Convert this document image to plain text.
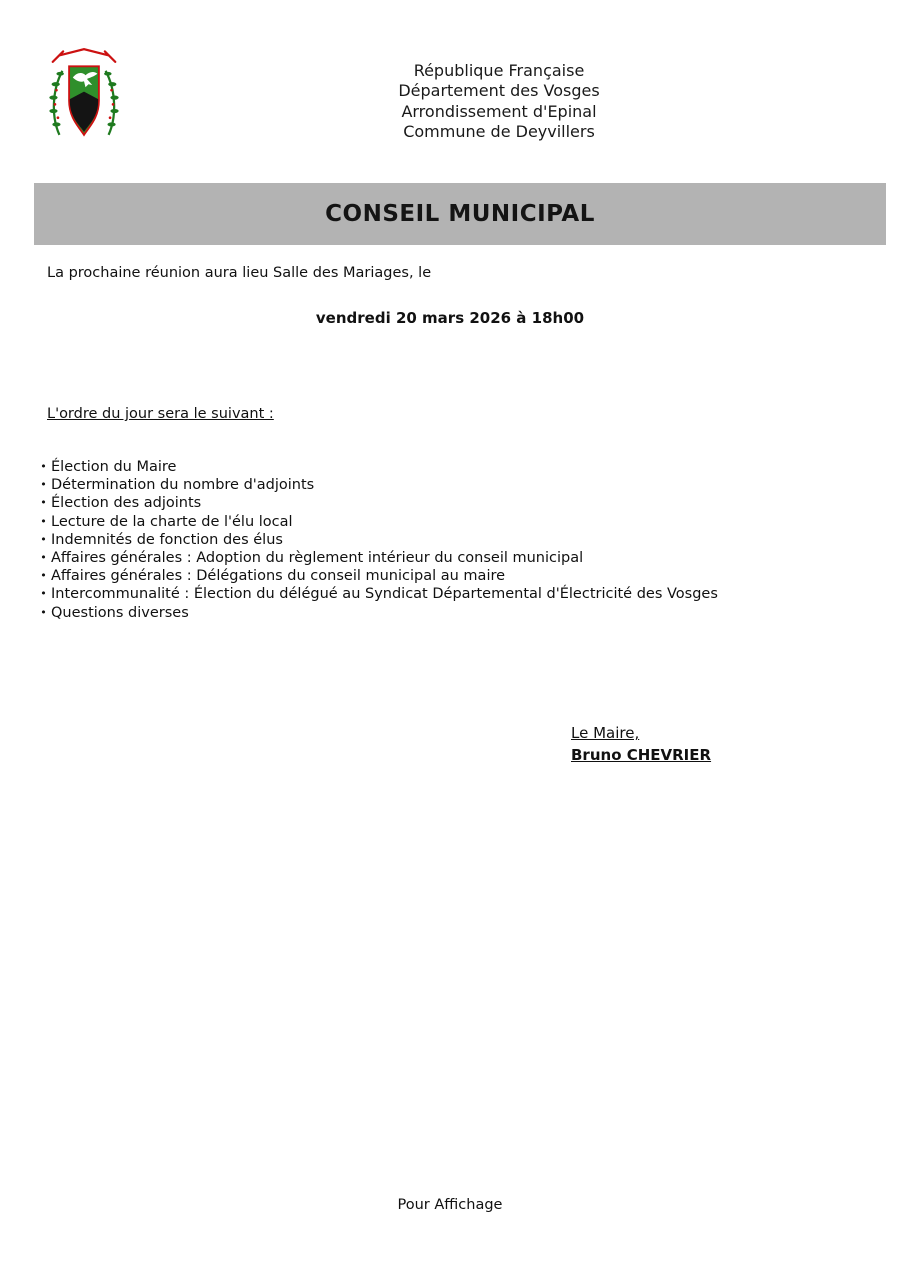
République Française
Département des Vosges
Arrondissement d'Epinal
Commune de Deyvillers
CONSEIL MUNICIPAL

La prochaine réunion aura lieu Salle des Mariages, le

vendredi 20 mars 2026 à 18h00

L'ordre du jour sera le suivant :

• Élection du Maire
• Détermination du nombre d'adjoints
• Élection des adjoints
• Lecture de la charte de l'élu local
• Indemnités de fonction des élus
• Affaires générales : Adoption du règlement intérieur du conseil municipal
• Affaires générales : Délégations du conseil municipal au maire
• Intercommunalité : Élection du délégué au Syndicat Départemental d'Électricité des Vosges
• Questions diverses
Le Maire,
Bruno CHEVRIER
Pour Affichage
